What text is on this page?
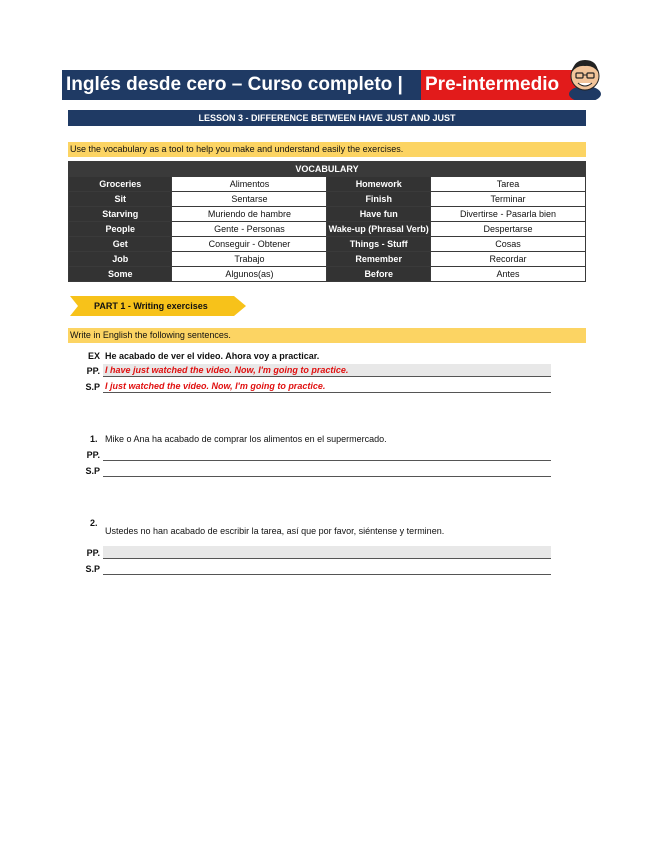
Inglés desde cero – Curso completo |	Pre-intermedio
LESSON 3 - DIFFERENCE BETWEEN HAVE JUST AND JUST
Use the vocabulary as a tool to help you make and understand easily the exercises.
VOCABULARY			
Groceries	Alimentos	Homework	Tarea
Sit	Sentarse	Finish	Terminar
Starving	Muriendo de hambre	Have fun	Divertirse - Pasarla bien
People	Gente - Personas	Wake-up (Phrasal Verb)	Despertarse
Get	Conseguir - Obtener	Things - Stuff	Cosas
Job	Trabajo	Remember	Recordar
Some	Algunos(as)	Before	Antes
PART 1 - Writing exercises
Write in English the following sentences.
EX He acabado de ver el video. Ahora voy a practicar.
PP. I have just watched the video. Now, I'm going to practice.
S.P I just watched the video. Now, I'm going to practice.
1. Mike o Ana ha acabado de comprar los alimentos en el supermercado.
PP.
S.P
2.
Ustedes no han acabado de escribir la tarea, así que por favor, siéntense y terminen.
PP.
S.P
